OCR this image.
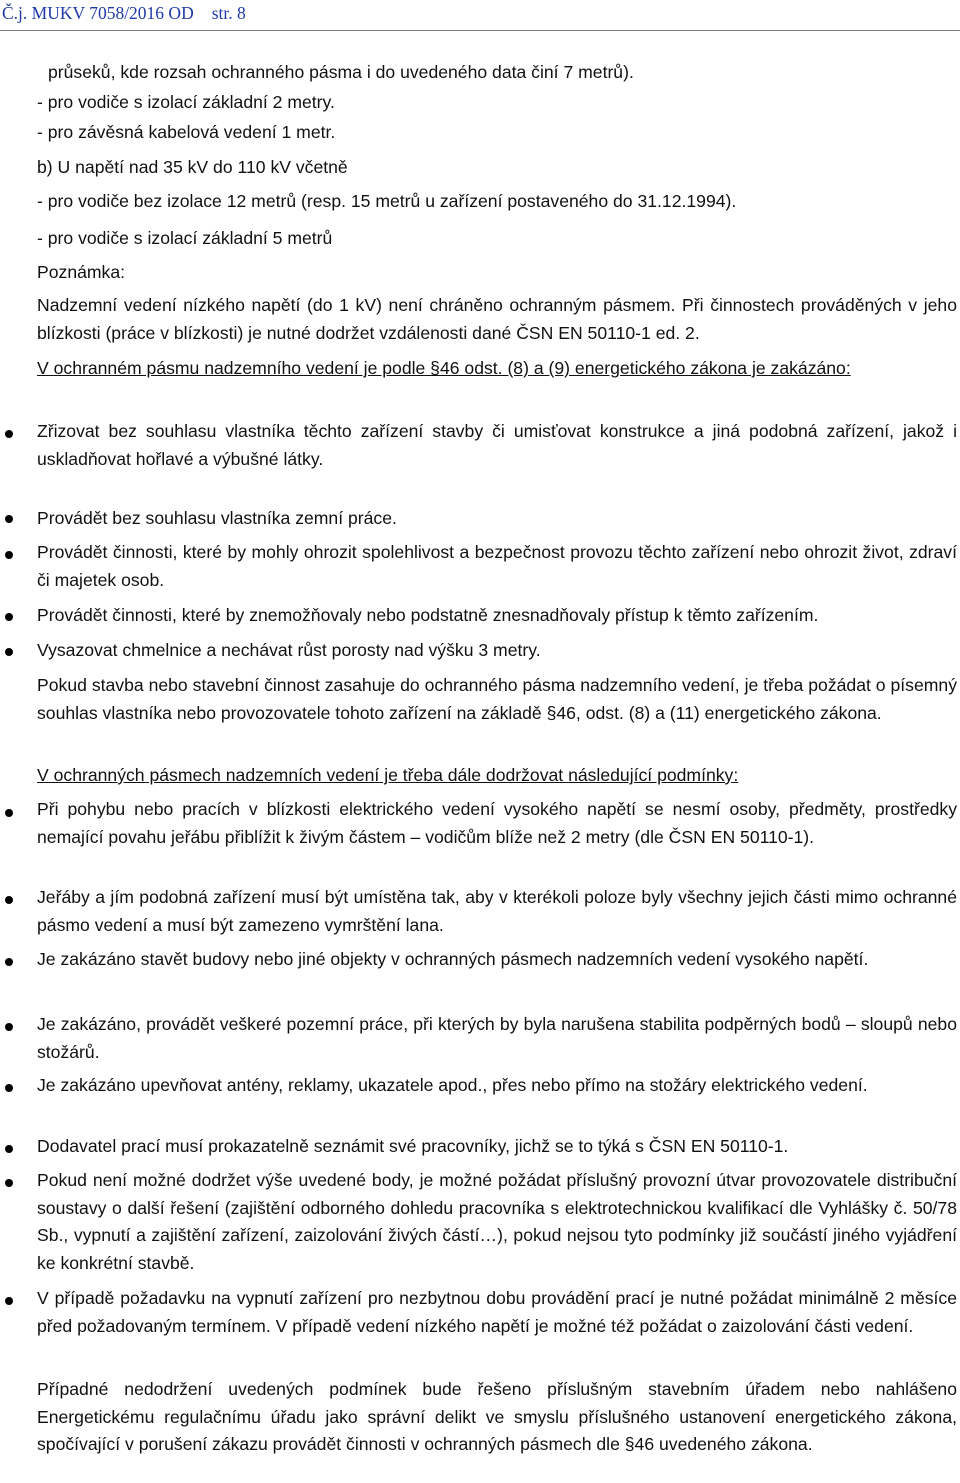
Č.j. MUKV 7058/2016 OD str. 8
průseků, kde rozsah ochranného pásma i do uvedeného data činí 7 metrů).
- pro vodiče s izolací základní 2 metry.
- pro závěsná kabelová vedení 1 metr.
b) U napětí nad 35 kV do 110 kV včetně
- pro vodiče bez izolace 12 metrů (resp. 15 metrů u zařízení postaveného do 31.12.1994).
- pro vodiče s izolací základní 5 metrů
Poznámka:
Nadzemní vedení nízkého napětí (do 1 kV) není chráněno ochranným pásmem. Při činnostech prováděných v jeho blízkosti (práce v blízkosti) je nutné dodržet vzdálenosti dané ČSN EN 50110-1 ed. 2.
V ochranném pásmu nadzemního vedení je podle §46 odst. (8) a (9) energetického zákona je zakázáno:
Zřizovat bez souhlasu vlastníka těchto zařízení stavby či umisťovat konstrukce a jiná podobná zařízení, jakož i uskladňovat hořlavé a výbušné látky.
Provádět bez souhlasu vlastníka zemní práce.
Provádět činnosti, které by mohly ohrozit spolehlivost a bezpečnost provozu těchto zařízení nebo ohrozit život, zdraví či majetek osob.
Provádět činnosti, které by znemožňovaly nebo podstatně znesnadňovaly přístup k těmto zařízením.
Vysazovat chmelnice a nechávat růst porosty nad výšku 3 metry.
Pokud stavba nebo stavební činnost zasahuje do ochranného pásma nadzemního vedení, je třeba požádat o písemný souhlas vlastníka nebo provozovatele tohoto zařízení na základě §46, odst. (8) a (11) energetického zákona.
V ochranných pásmech nadzemních vedení je třeba dále dodržovat následující podmínky:
Při pohybu nebo pracích v blízkosti elektrického vedení vysokého napětí se nesmí osoby, předměty, prostředky nemající povahu jeřábu přiblížit k živým částem – vodičům blíže než 2 metry (dle ČSN EN 50110-1).
Jeřáby a jím podobná zařízení musí být umístěna tak, aby v kterékoli poloze byly všechny jejich části mimo ochranné pásmo vedení a musí být zamezeno vymrštění lana.
Je zakázáno stavět budovy nebo jiné objekty v ochranných pásmech nadzemních vedení vysokého napětí.
Je zakázáno, provádět veškeré pozemní práce, při kterých by byla narušena stabilita podpěrných bodů – sloupů nebo stožárů.
Je zakázáno upevňovat antény, reklamy, ukazatele apod., přes nebo přímo na stožáry elektrického vedení.
Dodavatel prací musí prokazatelně seznámit své pracovníky, jichž se to týká s ČSN EN 50110-1.
Pokud není možné dodržet výše uvedené body, je možné požádat příslušný provozní útvar provozovatele distribuční soustavy o další řešení (zajištění odborného dohledu pracovníka s elektrotechnickou kvalifikací dle Vyhlášky č. 50/78 Sb., vypnutí a zajištění zařízení, zaizolování živých částí…), pokud nejsou tyto podmínky již součástí jiného vyjádření ke konkrétní stavbě.
V případě požadavku na vypnutí zařízení pro nezbytnou dobu provádění prací je nutné požádat minimálně 2 měsíce před požadovaným termínem. V případě vedení nízkého napětí je možné též požádat o zaizolování části vedení.
Případné nedodržení uvedených podmínek bude řešeno příslušným stavebním úřadem nebo nahlášeno Energetickému regulačnímu úřadu jako správní delikt ve smyslu příslušného ustanovení energetického zákona, spočívající v porušení zákazu provádět činnosti v ochranných pásmech dle §46 uvedeného zákona.
